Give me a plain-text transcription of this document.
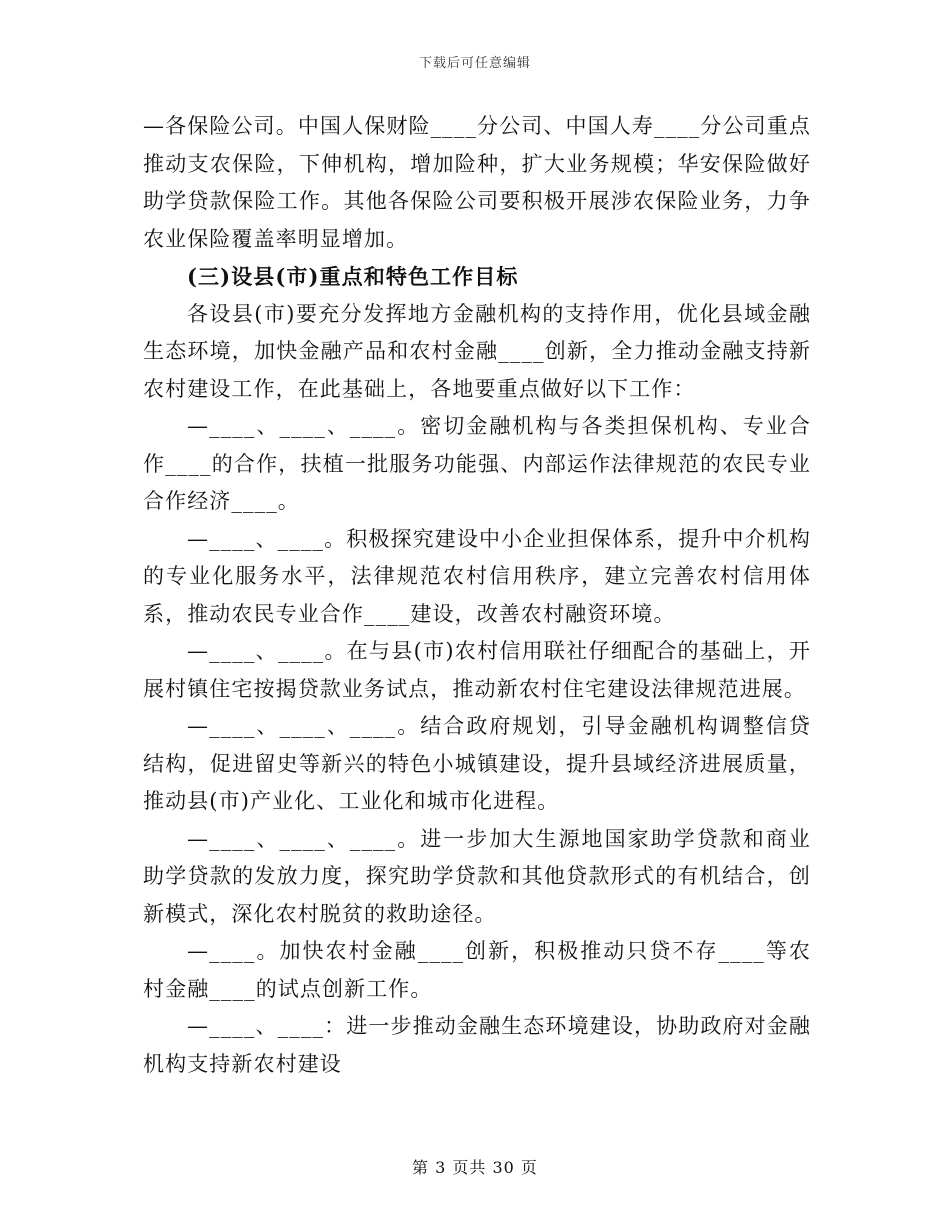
下载后可任意编辑

—各保险公司。中国人保财险____分公司、中国人寿____分公司重点推动支农保险，下伸机构，增加险种，扩大业务规模；华安保险做好助学贷款保险工作。其他各保险公司要积极开展涉农保险业务，力争农业保险覆盖率明显增加。

(三)设县(市)重点和特色工作目标

各设县(市)要充分发挥地方金融机构的支持作用，优化县域金融生态环境，加快金融产品和农村金融____创新，全力推动金融支持新农村建设工作，在此基础上，各地要重点做好以下工作：

—____、____、____。密切金融机构与各类担保机构、专业合作____的合作，扶植一批服务功能强、内部运作法律规范的农民专业合作经济____。

—____、____。积极探究建设中小企业担保体系，提升中介机构的专业化服务水平，法律规范农村信用秩序，建立完善农村信用体系，推动农民专业合作____建设，改善农村融资环境。

—____、____。在与县(市)农村信用联社仔细配合的基础上，开展村镇住宅按揭贷款业务试点，推动新农村住宅建设法律规范进展。

—____、____、____。结合政府规划，引导金融机构调整信贷结构，促进留史等新兴的特色小城镇建设，提升县域经济进展质量，推动县(市)产业化、工业化和城市化进程。

—____、____、____。进一步加大生源地国家助学贷款和商业助学贷款的发放力度，探究助学贷款和其他贷款形式的有机结合，创新模式，深化农村脱贫的救助途径。

—____。加快农村金融____创新，积极推动只贷不存____等农村金融____的试点创新工作。

—____、____：进一步推动金融生态环境建设，协助政府对金融机构支持新农村建设

第 3 页共 30 页
